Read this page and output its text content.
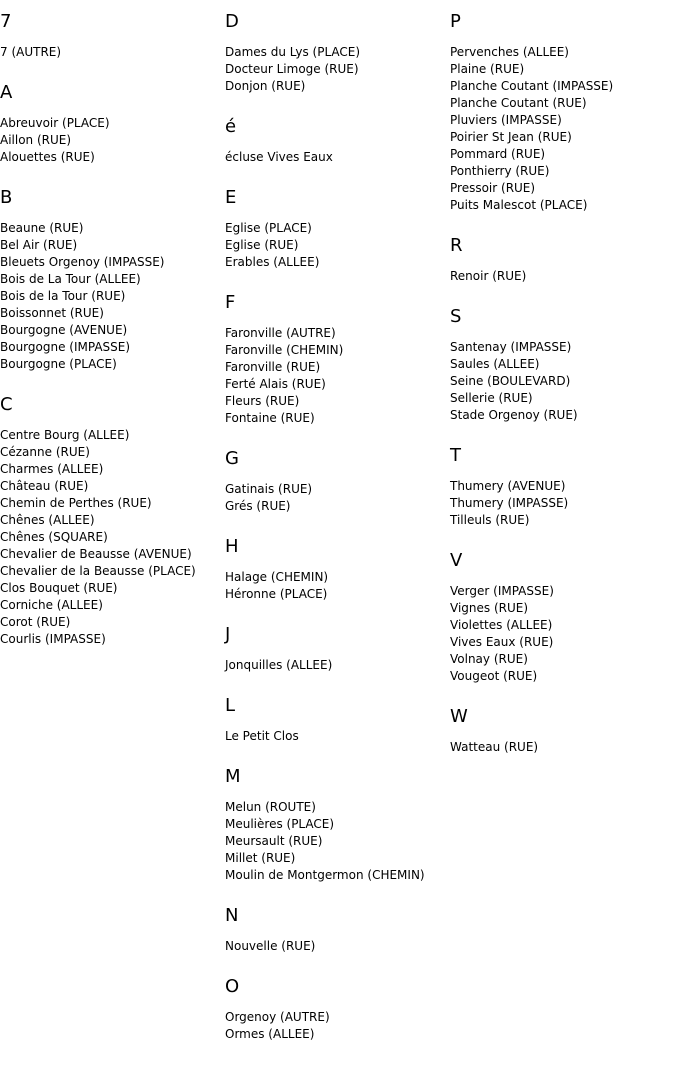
7
7 (AUTRE)
A
Abreuvoir (PLACE)
Aillon (RUE)
Alouettes (RUE)
B
Beaune (RUE)
Bel Air (RUE)
Bleuets Orgenoy (IMPASSE)
Bois de La Tour (ALLEE)
Bois de la Tour (RUE)
Boissonnet (RUE)
Bourgogne (AVENUE)
Bourgogne (IMPASSE)
Bourgogne (PLACE)
C
Centre Bourg (ALLEE)
Cézanne (RUE)
Charmes (ALLEE)
Château (RUE)
Chemin de Perthes (RUE)
Chênes (ALLEE)
Chênes (SQUARE)
Chevalier de Beausse (AVENUE)
Chevalier de la Beausse (PLACE)
Clos Bouquet (RUE)
Corniche (ALLEE)
Corot (RUE)
Courlis (IMPASSE)
D
Dames du Lys (PLACE)
Docteur Limoge (RUE)
Donjon (RUE)
é
écluse Vives Eaux
E
Eglise (PLACE)
Eglise (RUE)
Erables (ALLEE)
F
Faronville (AUTRE)
Faronville (CHEMIN)
Faronville (RUE)
Ferté Alais (RUE)
Fleurs (RUE)
Fontaine (RUE)
G
Gatinais (RUE)
Grés (RUE)
H
Halage (CHEMIN)
Héronne (PLACE)
J
Jonquilles (ALLEE)
L
Le Petit Clos
M
Melun (ROUTE)
Meulières (PLACE)
Meursault (RUE)
Millet (RUE)
Moulin de Montgermon (CHEMIN)
N
Nouvelle (RUE)
O
Orgenoy (AUTRE)
Ormes (ALLEE)
P
Pervenches (ALLEE)
Plaine (RUE)
Planche Coutant (IMPASSE)
Planche Coutant (RUE)
Pluviers (IMPASSE)
Poirier St Jean (RUE)
Pommard (RUE)
Ponthierry (RUE)
Pressoir (RUE)
Puits Malescot (PLACE)
R
Renoir (RUE)
S
Santenay (IMPASSE)
Saules (ALLEE)
Seine (BOULEVARD)
Sellerie (RUE)
Stade Orgenoy (RUE)
T
Thumery (AVENUE)
Thumery (IMPASSE)
Tilleuls (RUE)
V
Verger (IMPASSE)
Vignes (RUE)
Violettes (ALLEE)
Vives Eaux (RUE)
Volnay (RUE)
Vougeot (RUE)
W
Watteau (RUE)
